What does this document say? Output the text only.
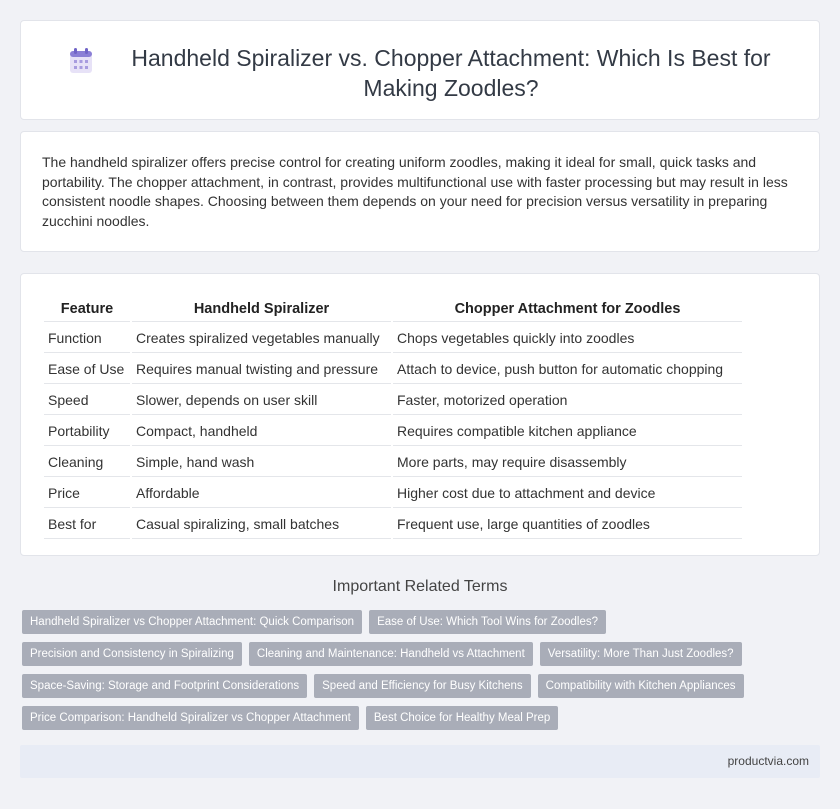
Handheld Spiralizer vs. Chopper Attachment: Which Is Best for Making Zoodles?

The handheld spiralizer offers precise control for creating uniform zoodles, making it ideal for small, quick tasks and portability. The chopper attachment, in contrast, provides multifunctional use with faster processing but may result in less consistent noodle shapes. Choosing between them depends on your need for precision versus versatility in preparing zucchini noodles.

Feature	Handheld Spiralizer	Chopper Attachment for Zoodles
Function	Creates spiralized vegetables manually	Chops vegetables quickly into zoodles
Ease of Use	Requires manual twisting and pressure	Attach to device, push button for automatic chopping
Speed	Slower, depends on user skill	Faster, motorized operation
Portability	Compact, handheld	Requires compatible kitchen appliance
Cleaning	Simple, hand wash	More parts, may require disassembly
Price	Affordable	Higher cost due to attachment and device
Best for	Casual spiralizing, small batches	Frequent use, large quantities of zoodles
Important Related Terms
Handheld Spiralizer vs Chopper Attachment: Quick Comparison	Ease of Use: Which Tool Wins for Zoodles?
Precision and Consistency in Spiralizing	Cleaning and Maintenance: Handheld vs Attachment	Versatility: More Than Just Zoodles?
Space-Saving: Storage and Footprint Considerations	Speed and Efficiency for Busy Kitchens	Compatibility with Kitchen Appliances
Price Comparison: Handheld Spiralizer vs Chopper Attachment	Best Choice for Healthy Meal Prep
productvia.com
